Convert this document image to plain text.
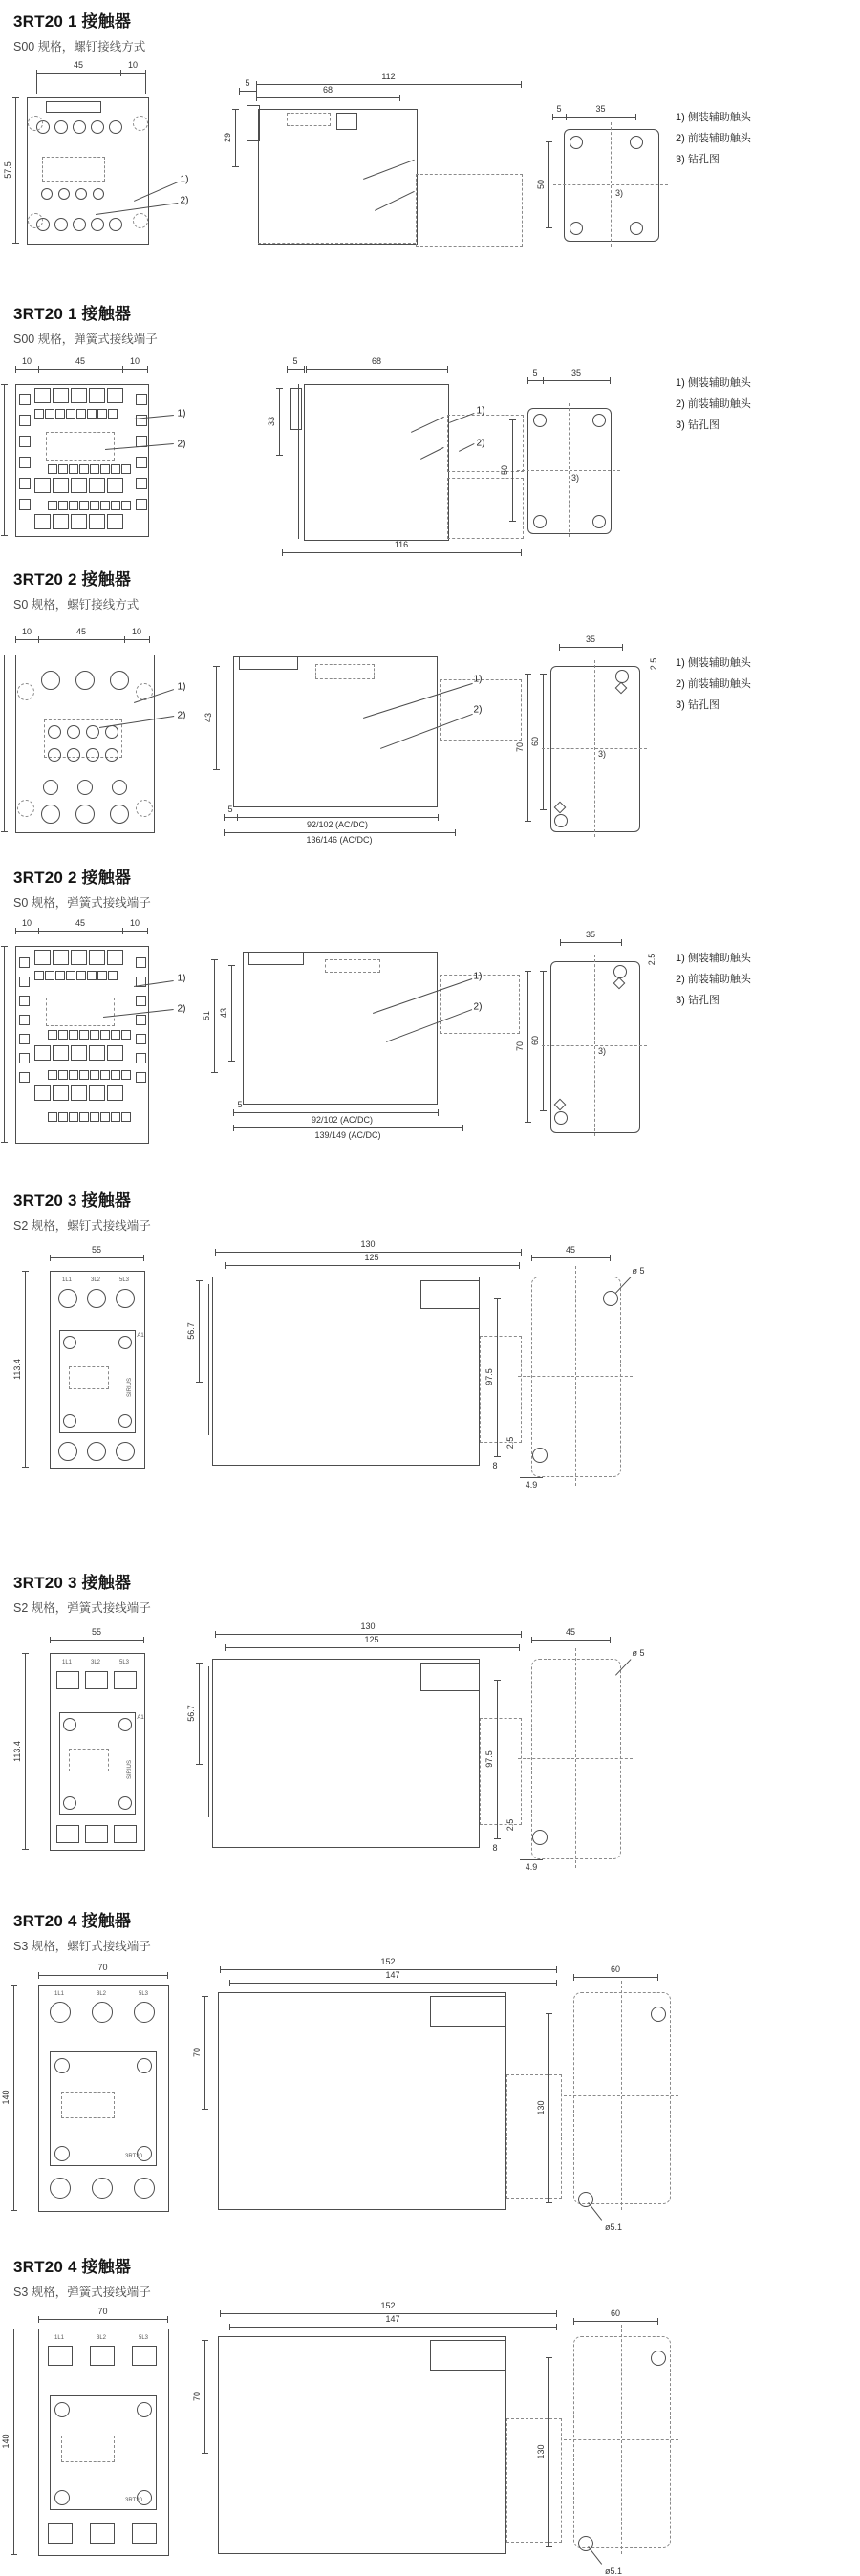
3RT20 1 接触器

S00 规格，螺钉接线方式

45	10
57.5
1)
2)
5
112
68
29
5	35
50
3)
1) 侧装辅助触头
2) 前装辅助触头
3) 钻孔图
3RT20 1 接触器

S00 规格，弹簧式接线端子

10	45	10
1)
2)
5	68
33
1)
2)
116
5	35
50
3)
1) 侧装辅助触头
2) 前装辅助触头
3) 钻孔图
3RT20 2 接触器

S0 规格，螺钉接线方式

10	45	10
1)
2) 43
1)
2)
5
92/102 (AC/DC)
136/146 (AC/DC)
35
2.5
70
60
3)
1) 侧装辅助触头
2) 前装辅助触头
3) 钻孔图
3RT20 2 接触器

S0 规格，弹簧式接线端子

10	45	10
1)
2)
51 43
1)
2)
5
92/102 (AC/DC)
139/149 (AC/DC)
35
2.5
70
60
3)
1) 侧装辅助触头
2) 前装辅助触头
3) 钻孔图
3RT20 3 接触器

S2 规格，螺钉式接线端子

55
113.4
1L1	3L2	5L3
A1
SIRIUS
130
125
56.7
45
ø 5
97.5
2.5
8
4.9
3RT20 3 接触器

S2 规格，弹簧式接线端子

55
113.4
1L1	3L2	5L3
A1
SIRIUS
130
125
56.7
45
ø 5
97.5
2.5
8
4.9
3RT20 4 接触器

S3 规格，螺钉式接线端子

70
140
1L1	3L2	5L3
3RT20
152
147
70
60
130
ø5.1
3RT20 4 接触器

S3 规格，弹簧式接线端子

70
140
1L1	3L2	5L3
3RT20
152
147
70
60
130
ø5.1
